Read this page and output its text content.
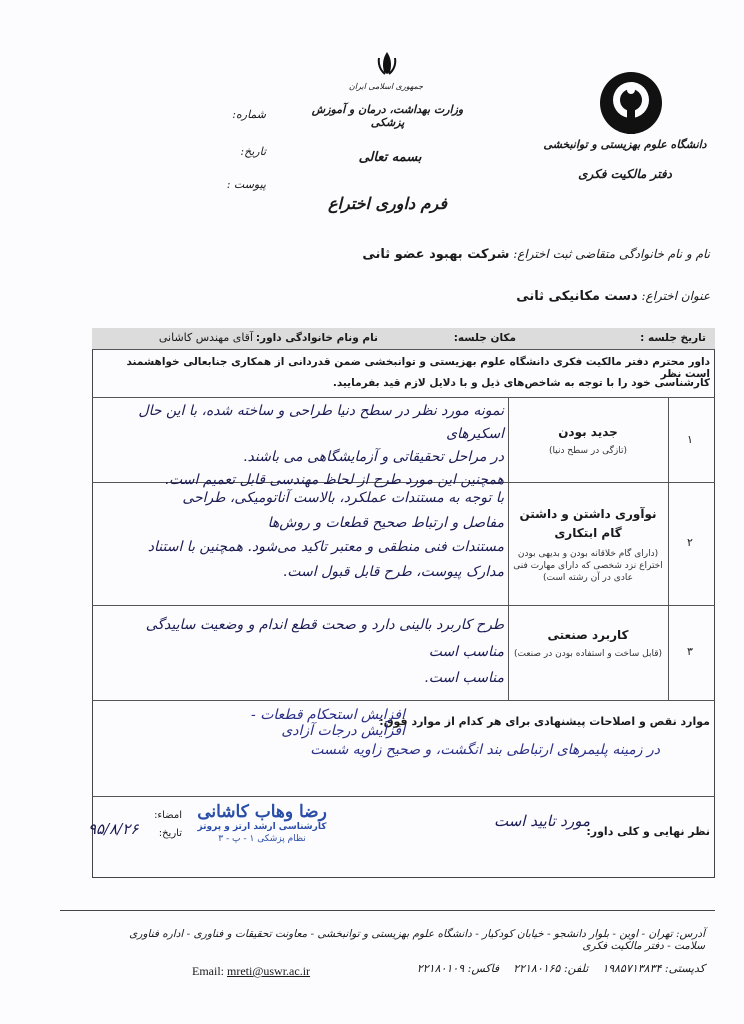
دانشگاه علوم بهزیستی و توانبخشی
دفتر مالکیت فکری
جمهوری اسلامی ایران
وزارت بهداشت، درمان و آموزش پزشکی
بسمه تعالی
فرم داوری اختراع
شماره:
تاریخ:
پیوست :
نام و نام خانوادگی متقاضی ثبت اختراع: شرکت بهبود عضو ثانی
عنوان اختراع: دست مکانیکی ثانی
تاریخ جلسه :
مکان جلسه:
نام ونام خانوادگی داور:
آقای مهندس کاشانی
داور محترم دفتر مالکیت فکری دانشگاه علوم بهزیستی و توانبخشی ضمن قدردانی از همکاری جنابعالی خواهشمند است نظر
کارشناسی خود را با توجه به شاخص‌های ذیل و با دلایل لازم قید بفرمایید.
۱
جدید بودن
(تازگی در سطح دنیا)
نمونه مورد نظر در سطح دنیا طراحی و ساخته شده، با این حال اسکیرهای
در مراحل تحقیقاتی و آزمایشگاهی می باشند.
همچنین این مورد طرح از لحاظ مهندسی قابل تعمیم است.
۲
نوآوری داشتن و داشتن گام ابتکاری
(دارای گام خلاقانه بودن و بدیهی بودن اختراع نزد شخصی که دارای مهارت فنی عادی در آن رشته است)
با توجه به مستندات عملکرد، بالاست آناتومیکی، طراحی
مفاصل و ارتباط صحیح قطعات و روش‌ها
مستندات فنی منطقی و معتبر تاکید می‌شود. همچنین با استناد
مدارک پیوست، طرح قابل قبول است.
۳
کاربرد صنعتی
(قابل ساخت و استفاده بودن در صنعت)
طرح کاربرد بالینی دارد و صحت قطع اندام و وضعیت ساییدگی مناسب است
مناسب است.
موارد نقص و اصلاحات پیشنهادی برای هر کدام از موارد فوق:
افزایش استحکام قطعات - افزایش درجات آزادی
در زمینه پلیمرهای ارتباطی بند انگشت، و صحیح زاویه شست
نظر نهایی و کلی داور:
مورد تایید است
امضاء:
تاریخ:
۹۵/۸/۲۶
رضا وهاب کاشانی
کارشناسی ارشد ارتز و پروتز
نظام پزشکی ۱ - پ - ۳
آدرس: تهران - اوین - بلوار دانشجو - خیابان کودکیار - دانشگاه علوم بهزیستی و توانبخشی - معاونت تحقیقات و فناوری - اداره فناوری سلامت - دفتر مالکیت فکری
کدپستی: ۱۹۸۵۷۱۳۸۳۴    تلفن: ۲۲۱۸۰۱۶۵    فاکس: ۲۲۱۸۰۱۰۹
Email: mreti@uswr.ac.ir
